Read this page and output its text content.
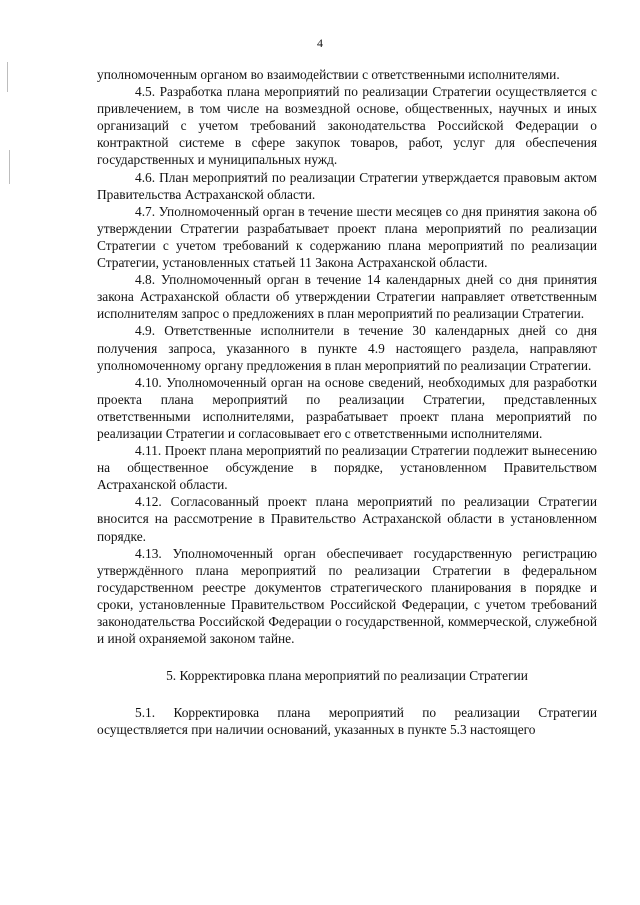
4

уполномоченным органом во взаимодействии с ответственными исполнителями.

4.5. Разработка плана мероприятий по реализации Стратегии осуществляется с привлечением, в том числе на возмездной основе, общественных, научных и иных организаций с учетом требований законодательства Российской Федерации о контрактной системе в сфере закупок товаров, работ, услуг для обеспечения государственных и муниципальных нужд.

4.6. План мероприятий по реализации Стратегии утверждается правовым актом Правительства Астраханской области.

4.7. Уполномоченный орган в течение шести месяцев со дня принятия закона об утверждении Стратегии разрабатывает проект плана мероприятий по реализации Стратегии с учетом требований к содержанию плана мероприятий по реализации Стратегии, установленных статьей 11 Закона Астраханской области.

4.8. Уполномоченный орган в течение 14 календарных дней со дня принятия закона Астраханской области об утверждении Стратегии направляет ответственным исполнителям запрос о предложениях в план мероприятий по реализации Стратегии.

4.9. Ответственные исполнители в течение 30 календарных дней со дня получения запроса, указанного в пункте 4.9 настоящего раздела, направляют уполномоченному органу предложения в план мероприятий по реализации Стратегии.

4.10. Уполномоченный орган на основе сведений, необходимых для разработки проекта плана мероприятий по реализации Стратегии, представленных ответственными исполнителями, разрабатывает проект плана мероприятий по реализации Стратегии и согласовывает его с ответственными исполнителями.

4.11. Проект плана мероприятий по реализации Стратегии подлежит вынесению на общественное обсуждение в порядке, установленном Правительством Астраханской области.

4.12. Согласованный проект плана мероприятий по реализации Стратегии вносится на рассмотрение в Правительство Астраханской области в установленном порядке.

4.13. Уполномоченный орган обеспечивает государственную регистрацию утверждённого плана мероприятий по реализации Стратегии в федеральном государственном реестре документов стратегического планирования в порядке и сроки, установленные Правительством Российской Федерации, с учетом требований законодательства Российской Федерации о государственной, коммерческой, служебной и иной охраняемой законом тайне.

5. Корректировка плана мероприятий по реализации Стратегии

5.1. Корректировка плана мероприятий по реализации Стратегии осуществляется при наличии оснований, указанных в пункте 5.3 настоящего
